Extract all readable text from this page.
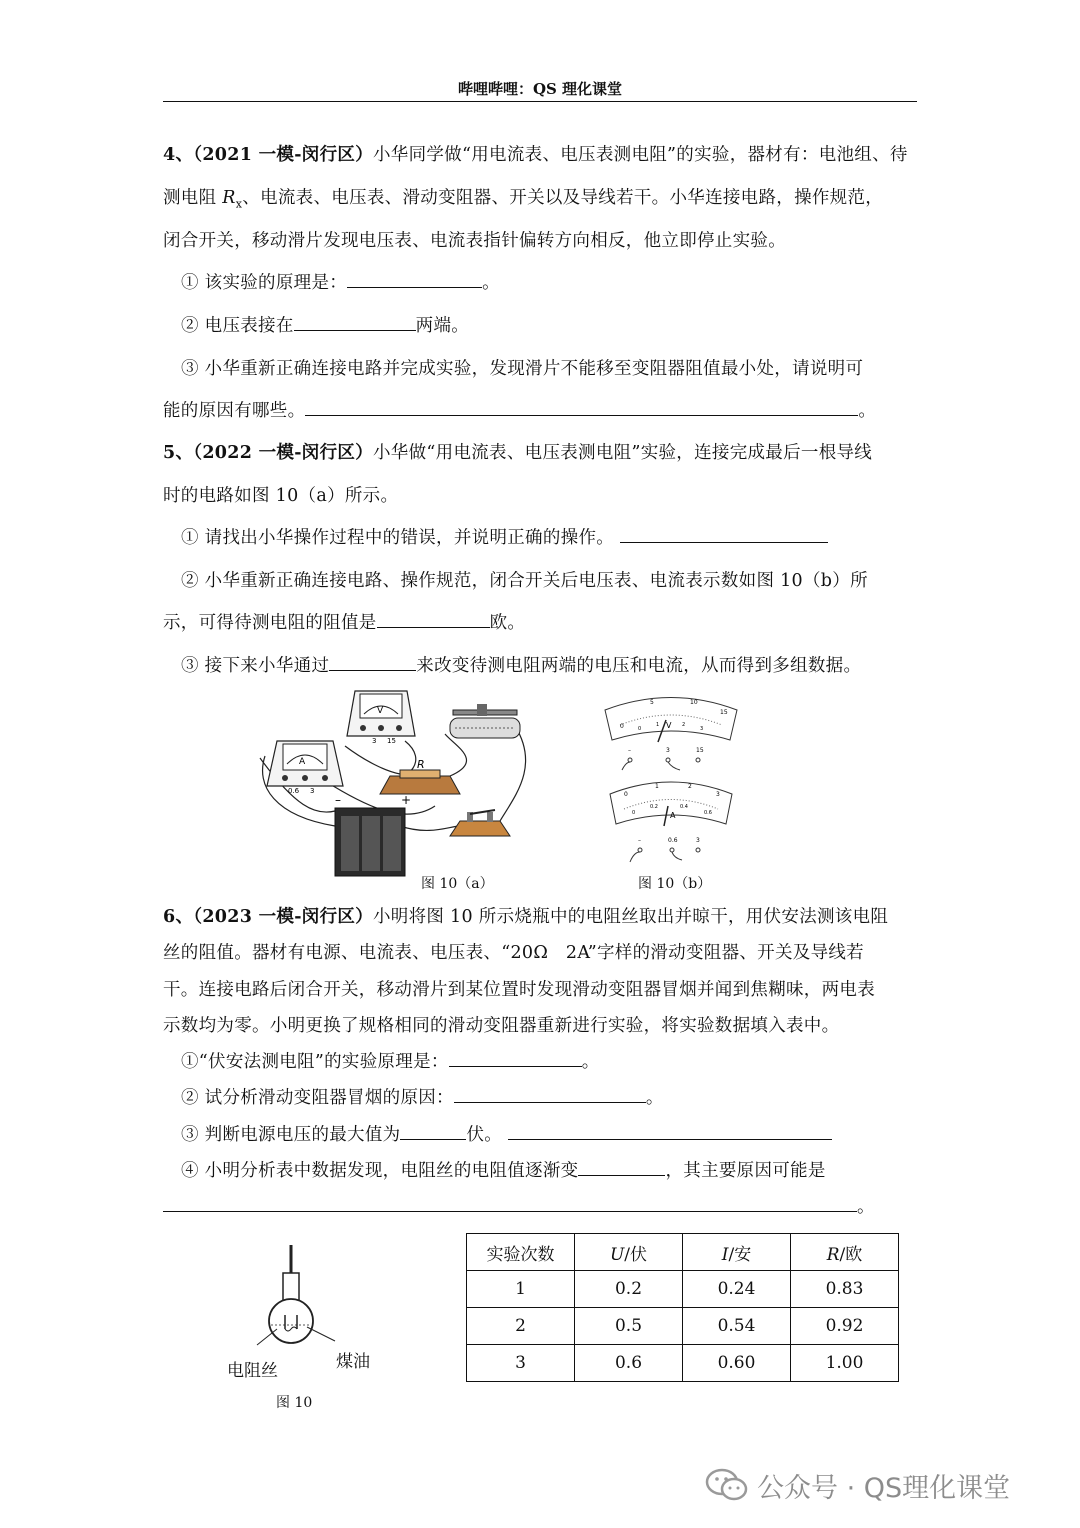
哔哩哔哩：QS 理化课堂
4、（2021 一模-闵行区）小华同学做“用电流表、电压表测电阻”的实验，器材有：电池组、待
测电阻 $R_x$、电流表、电压表、滑动变阻器、开关以及导线若干。小华连接电路，操作规范，
闭合开关，移动滑片发现电压表、电流表指针偏转方向相反，他立即停止实验。
① 该实验的原理是：	。
② 电压表接在	两端。
③ 小华重新正确连接电路并完成实验，发现滑片不能移至变阻器阻值最小处，请说明可
能的原因有哪些。	。
5、（2022 一模-闵行区）小华做“用电流表、电压表测电阻”实验，连接完成最后一根导线
时的电路如图 10（a）所示。
① 请找出小华操作过程中的错误，并说明正确的操作。
② 小华重新正确连接电路、操作规范，闭合开关后电压表、电流表示数如图 10（b）所
示，可得待测电阻的阻值是	欧。
③ 接下来小华通过	来改变待测电阻两端的电压和电流，从而得到多组数据。
A
0.6 3
V
3 15
R
–	+
图 10（a）
0
5	10
15
0
1	2
3
V
–	3	15
0
1	2
3
0
0.2	0.4
0.6
A
–	0.6	3
图 10（b）
6、（2023 一模-闵行区）小明将图 10 所示烧瓶中的电阻丝取出并晾干，用伏安法测该电阻
丝的阻值。器材有电源、电流表、电压表、“20Ω　2A”字样的滑动变阻器、开关及导线若
干。连接电路后闭合开关，移动滑片到某位置时发现滑动变阻器冒烟并闻到焦糊味，两电表
示数均为零。小明更换了规格相同的滑动变阻器重新进行实验，将实验数据填入表中。
①“伏安法测电阻”的实验原理是：	。
② 试分析滑动变阻器冒烟的原因：	。
③ 判断电源电压的最大值为	伏。
④ 小明分析表中数据发现，电阻丝的电阻值逐渐变	，其主要原因可能是
。
电阻丝	煤油
图 10
实验次数	U/伏	I/安	R/欧
1	0.2	0.24	0.83
2	0.5	0.54	0.92
3	0.6	0.60	1.00
公众号 · QS理化课堂
